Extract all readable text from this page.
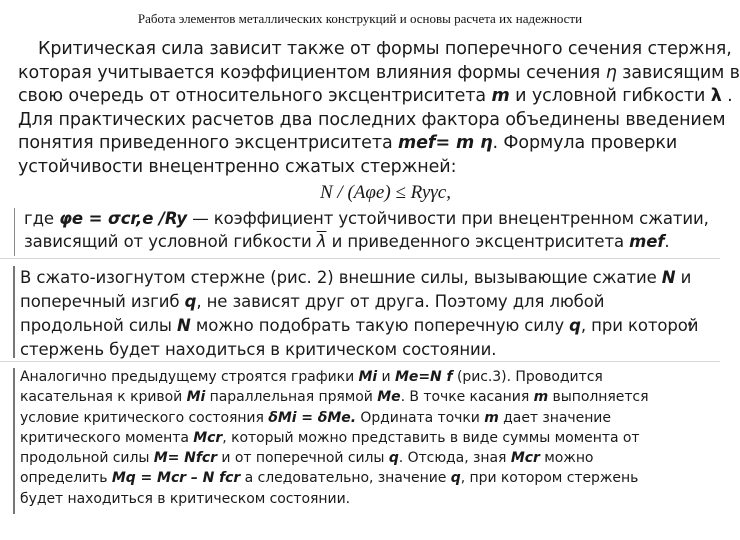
Работа элементов металлических конструкций и основы расчета их надежности
Критическая сила зависит также от формы поперечного сечения стержня,
которая учитывается коэффициентом влияния формы сечения η зависящим в
свою очередь от относительного эксцентриситета m и условной гибкости λ .
Для практических расчетов два последних фактора объединены введением
понятия приведенного эксцентриситета mef= m η. Формула проверки
устойчивости внецентренно сжатых стержней:
N / (Aφe) ≤ Ryγc,
где φe = σcr,e /Ry — коэффициент устойчивости при внецентренном сжатии,
зависящий от условной гибкости $\overline{\lambda}$ и приведенного эксцентриситета mef.
В сжато-изогнутом стержне (рис. 2) внешние силы, вызывающие сжатие N и
поперечный изгиб q, не зависят друг от друга. Поэтому для любой
продольной силы N можно подобрать такую поперечную силу q, при которой
стержень будет находиться в критическом состоянии.
Аналогично предыдущему строятся графики Mi и Me=N f (рис.3). Проводится
касательная к кривой Mi параллельная прямой Me. В точке касания m выполняется
условие критического состояния δMi = δMe. Ордината точки m дает значение
критического момента Mcr, который можно представить в виде суммы момента от
продольной силы M= Nfcr и от поперечной силы q. Отсюда, зная Mcr можно
определить Mq = Mcr – N fcr а следовательно, значение q, при котором стержень
будет находиться в критическом состоянии.
